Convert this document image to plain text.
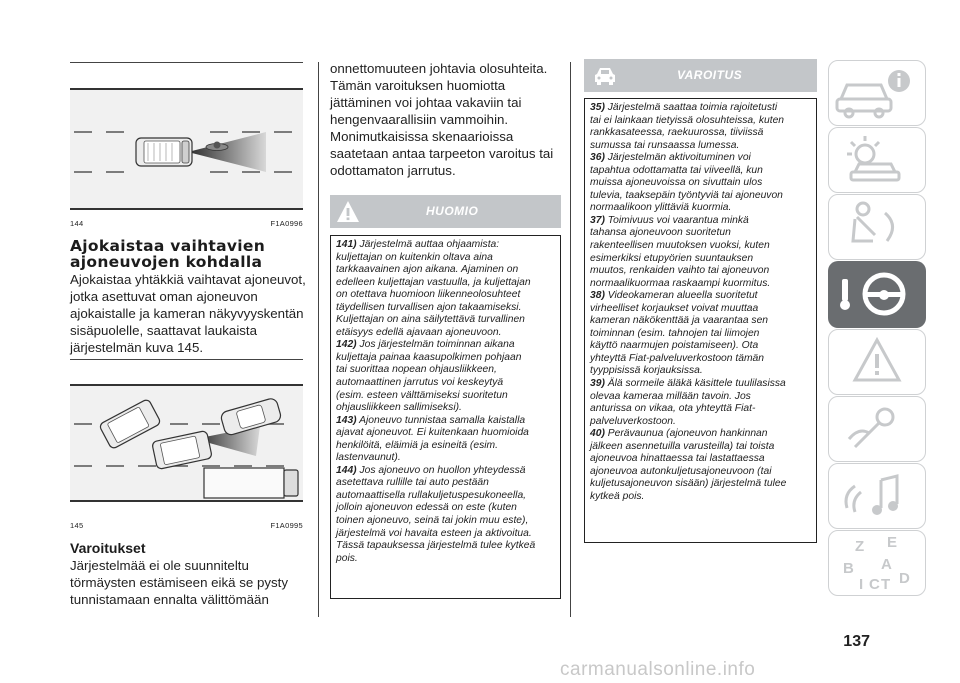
144	F1A0996
Ajokaistaa vaihtavien
ajoneuvojen kohdalla

Ajokaistaa yhtäkkiä vaihtavat ajoneuvot,

jotka asettuvat oman ajoneuvon

ajokaistalle ja kameran näkyvyyskentän

sisäpuolelle, saattavat laukaista

järjestelmän kuva 145.

145	F1A0995
Varoitukset

Järjestelmää ei ole suunniteltu

törmäysten estämiseen eikä se pysty

tunnistamaan ennalta välittömään

onnettomuuteen johtavia olosuhteita.

Tämän varoituksen huomiotta

jättäminen voi johtaa vakaviin tai

hengenvaarallisiin vammoihin.

Monimutkaisissa skenaarioissa

saatetaan antaa tarpeeton varoitus tai

odottamaton jarrutus.

HUOMIO

141) Järjestelmä auttaa ohjaamista:

kuljettajan on kuitenkin oltava aina

tarkkaavainen ajon aikana. Ajaminen on

edelleen kuljettajan vastuulla, ja kuljettajan

on otettava huomioon liikenneolosuhteet

täydellisen turvallisen ajon takaamiseksi.

Kuljettajan on aina säilytettävä turvallinen

etäisyys edellä ajavaan ajoneuvoon.

142) Jos järjestelmän toiminnan aikana

kuljettaja painaa kaasupolkimen pohjaan

tai suorittaa nopean ohjausliikkeen,

automaattinen jarrutus voi keskeytyä

(esim. esteen välttämiseksi suoritetun

ohjausliikkeen sallimiseksi).

143) Ajoneuvo tunnistaa samalla kaistalla

ajavat ajoneuvot. Ei kuitenkaan huomioida

henkilöitä, eläimiä ja esineitä (esim.

lastenvaunut).

144) Jos ajoneuvo on huollon yhteydessä

asetettava rullille tai auto pestään

automaattisella rullakuljetuspesukoneella,

jolloin ajoneuvon edessä on este (kuten

toinen ajoneuvo, seinä tai jokin muu este),

järjestelmä voi havaita esteen ja aktivoitua.

Tässä tapauksessa järjestelmä tulee kytkeä

pois.

VAROITUS

35) Järjestelmä saattaa toimia rajoitetusti

tai ei lainkaan tietyissä olosuhteissa, kuten

rankkasateessa, raekuurossa, tiiviissä

sumussa tai runsaassa lumessa.

36) Järjestelmän aktivoituminen voi

tapahtua odottamatta tai viiveellä, kun

muissa ajoneuvoissa on sivuttain ulos

tulevia, taaksepäin työntyviä tai ajoneuvon

normaalikoon ylittäviä kuormia.

37) Toimivuus voi vaarantua minkä

tahansa ajoneuvoon suoritetun

rakenteellisen muutoksen vuoksi, kuten

esimerkiksi etupyörien suuntauksen

muutos, renkaiden vaihto tai ajoneuvon

normaalikuormaa raskaampi kuormitus.

38) Videokameran alueella suoritetut

virheelliset korjaukset voivat muuttaa

kameran näkökenttää ja vaarantaa sen

toiminnan (esim. tahnojen tai liimojen

käyttö naarmujen poistamiseen). Ota

yhteyttä Fiat-palveluverkostoon tämän

tyyppisissä korjauksissa.

39) Älä sormeile äläkä käsittele tuulilasissa

olevaa kameraa millään tavoin. Jos

anturissa on vikaa, ota yhteyttä Fiat-

palveluverkostoon.

40) Perävaunua (ajoneuvon hankinnan

jälkeen asennetuilla varusteilla) tai toista

ajoneuvoa hinattaessa tai lastattaessa

ajoneuvoa autonkuljetusajoneuvoon (tai

kuljetusajoneuvon sisään) järjestelmä tulee

kytkeä pois.

Z E
B A
I C T D
137
carmanualsonline.info
